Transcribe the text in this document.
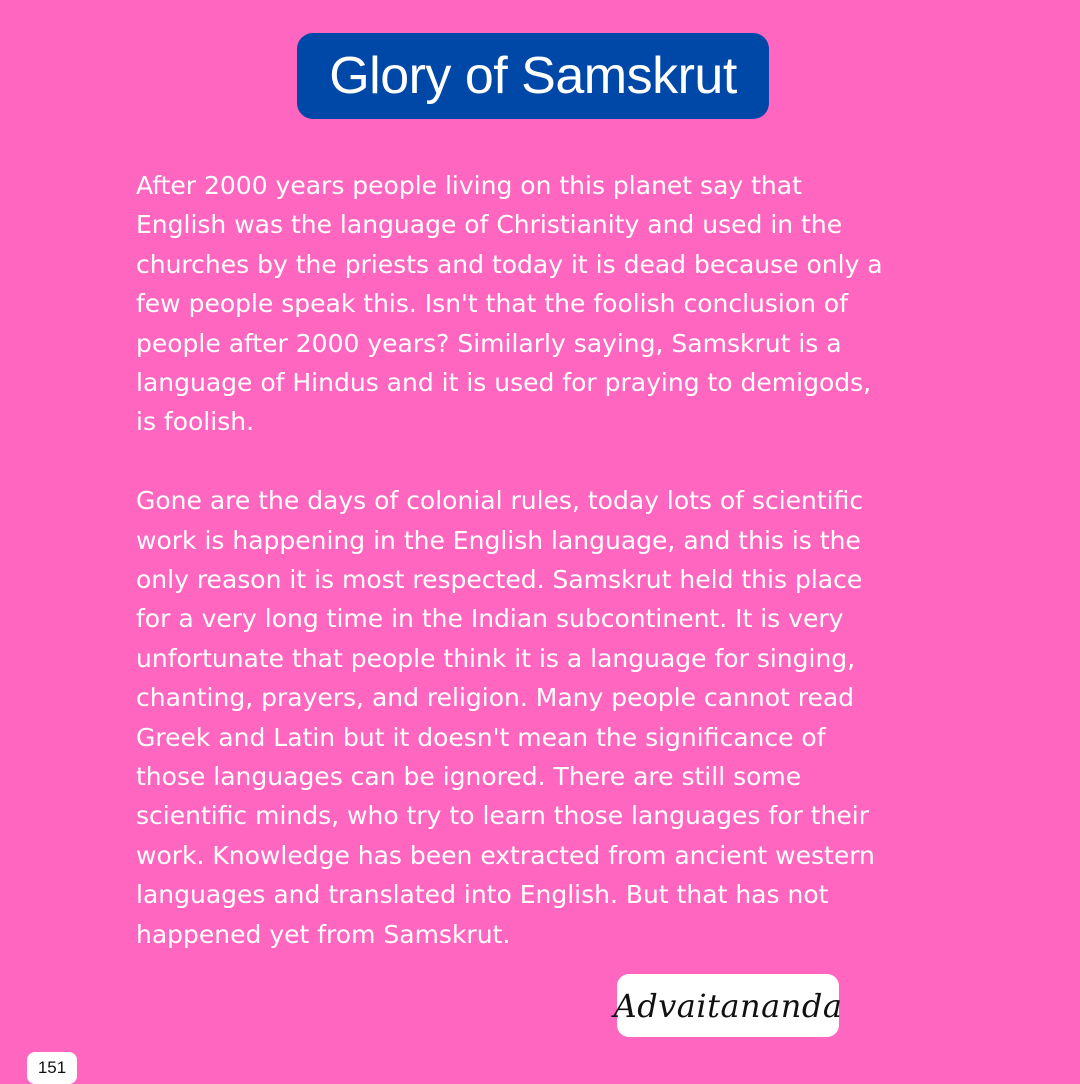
Glory of Samskrut

After 2000 years people living on this planet say that
English was the language of Christianity and used in the
churches by the priests and today it is dead because only a
few people speak this. Isn't that the foolish conclusion of
people after 2000 years? Similarly saying, Samskrut is a
language of Hindus and it is used for praying to demigods,
is foolish.

Gone are the days of colonial rules, today lots of scientific
work is happening in the English language, and this is the
only reason it is most respected. Samskrut held this place
for a very long time in the Indian subcontinent. It is very
unfortunate that people think it is a language for singing,
chanting, prayers, and religion. Many people cannot read
Greek and Latin but it doesn't mean the significance of
those languages can be ignored. There are still some
scientific minds, who try to learn those languages for their
work. Knowledge has been extracted from ancient western
languages and translated into English. But that has not
happened yet from Samskrut.

Advaitananda
151
